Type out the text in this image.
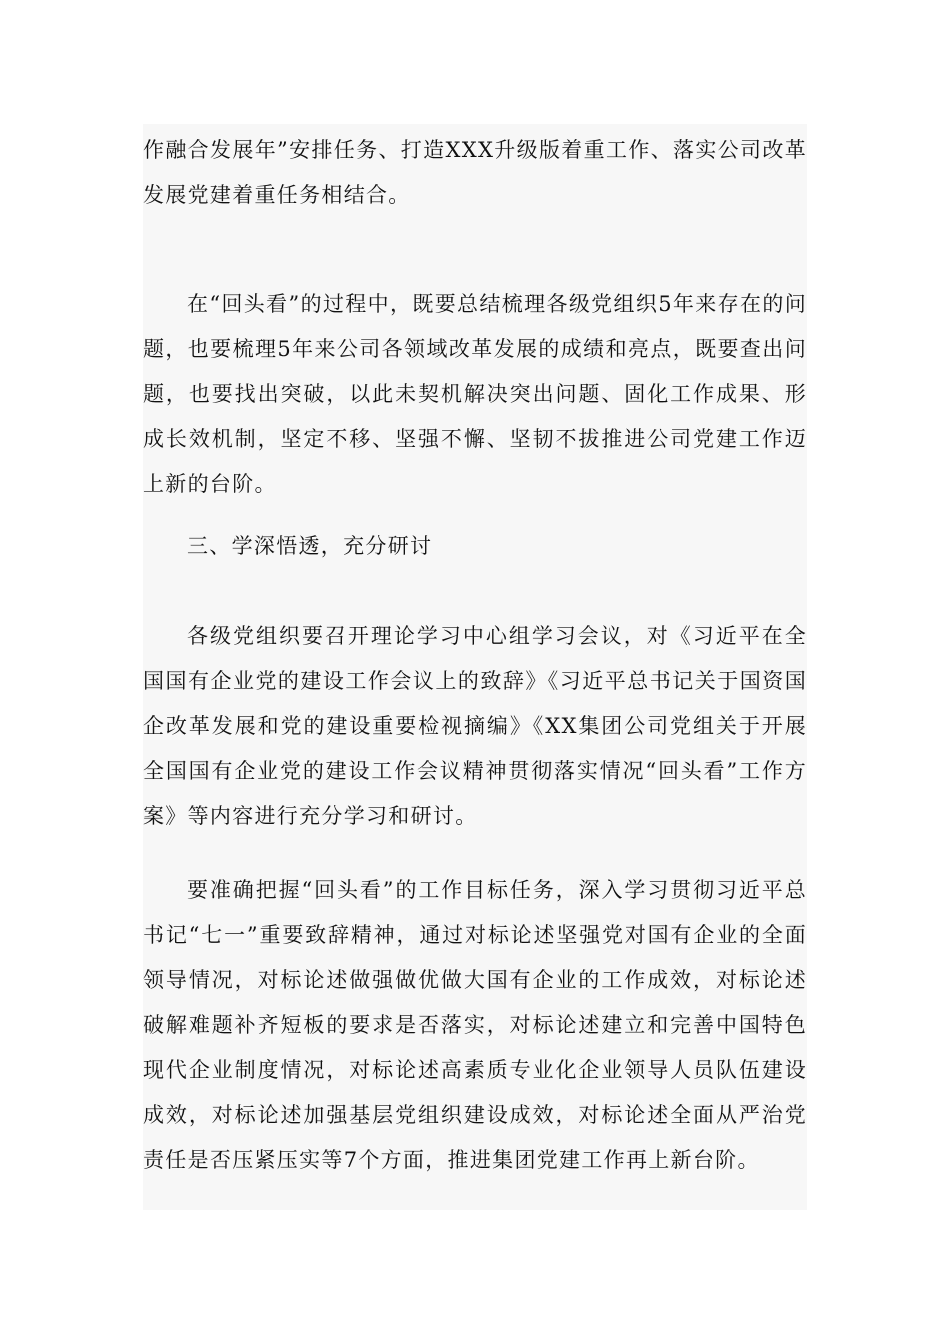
作融合发展年”安排任务、打造XXX升级版着重工作、落实公司改革发展党建着重任务相结合。

在“回头看”的过程中，既要总结梳理各级党组织5年来存在的问题，也要梳理5年来公司各领域改革发展的成绩和亮点，既要查出问题，也要找出突破，以此未契机解决突出问题、固化工作成果、形成长效机制，坚定不移、坚强不懈、坚韧不拔推进公司党建工作迈上新的台阶。

三、学深悟透，充分研讨

各级党组织要召开理论学习中心组学习会议，对《习近平在全国国有企业党的建设工作会议上的致辞》《习近平总书记关于国资国企改革发展和党的建设重要检视摘编》《XX集团公司党组关于开展全国国有企业党的建设工作会议精神贯彻落实情况“回头看”工作方案》等内容进行充分学习和研讨。

要准确把握“回头看”的工作目标任务，深入学习贯彻习近平总书记“七一”重要致辞精神，通过对标论述坚强党对国有企业的全面领导情况，对标论述做强做优做大国有企业的工作成效，对标论述破解难题补齐短板的要求是否落实，对标论述建立和完善中国特色现代企业制度情况，对标论述高素质专业化企业领导人员队伍建设成效，对标论述加强基层党组织建设成效，对标论述全面从严治党责任是否压紧压实等7个方面，推进集团党建工作再上新台阶。
